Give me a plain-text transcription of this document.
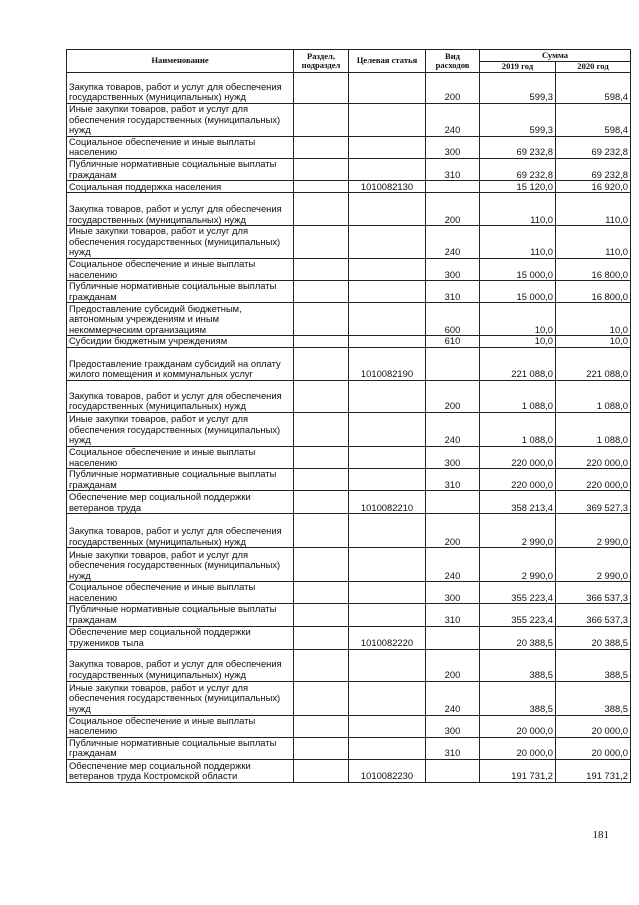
Наименование	Раздел, подраздел	Целевая статья	Вид расходов	Сумма	
				2019 год	2020 год
Закупка товаров, работ и услуг для обеспечения государственных (муниципальных) нужд			200	599,3	598,4
Иные закупки товаров, работ и услуг для обеспечения государственных (муниципальных) нужд			240	599,3	598,4
Социальное обеспечение и иные выплаты населению			300	69 232,8	69 232,8
Публичные нормативные социальные выплаты гражданам			310	69 232,8	69 232,8
Социальная поддержка населения		1010082130		15 120,0	16 920,0
Закупка товаров, работ и услуг для обеспечения государственных (муниципальных) нужд			200	110,0	110,0
Иные закупки товаров, работ и услуг для обеспечения государственных (муниципальных) нужд			240	110,0	110,0
Социальное обеспечение и иные выплаты населению			300	15 000,0	16 800,0
Публичные нормативные социальные выплаты гражданам			310	15 000,0	16 800,0
Предоставление субсидий бюджетным, автономным учреждениям и иным некоммерческим организациям			600	10,0	10,0
Субсидии бюджетным учреждениям			610	10,0	10,0
Предоставление гражданам субсидий на оплату жилого помещения и коммунальных услуг		1010082190		221 088,0	221 088,0
Закупка товаров, работ и услуг для обеспечения государственных (муниципальных) нужд			200	1 088,0	1 088,0
Иные закупки товаров, работ и услуг для обеспечения государственных (муниципальных) нужд			240	1 088,0	1 088,0
Социальное обеспечение и иные выплаты населению			300	220 000,0	220 000,0
Публичные нормативные социальные выплаты гражданам			310	220 000,0	220 000,0
Обеспечение мер социальной поддержки ветеранов труда		1010082210		358 213,4	369 527,3
Закупка товаров, работ и услуг для обеспечения государственных (муниципальных) нужд			200	2 990,0	2 990,0
Иные закупки товаров, работ и услуг для обеспечения государственных (муниципальных) нужд			240	2 990,0	2 990,0
Социальное обеспечение и иные выплаты населению			300	355 223,4	366 537,3
Публичные нормативные социальные выплаты гражданам			310	355 223,4	366 537,3
Обеспечение мер социальной поддержки тружеников тыла		1010082220		20 388,5	20 388,5
Закупка товаров, работ и услуг для обеспечения государственных (муниципальных) нужд			200	388,5	388,5
Иные закупки товаров, работ и услуг для обеспечения государственных (муниципальных) нужд			240	388,5	388,5
Социальное обеспечение и иные выплаты населению			300	20 000,0	20 000,0
Публичные нормативные социальные выплаты гражданам			310	20 000,0	20 000,0
Обеспечение мер социальной поддержки ветеранов труда Костромской области		1010082230		191 731,2	191 731,2
181
